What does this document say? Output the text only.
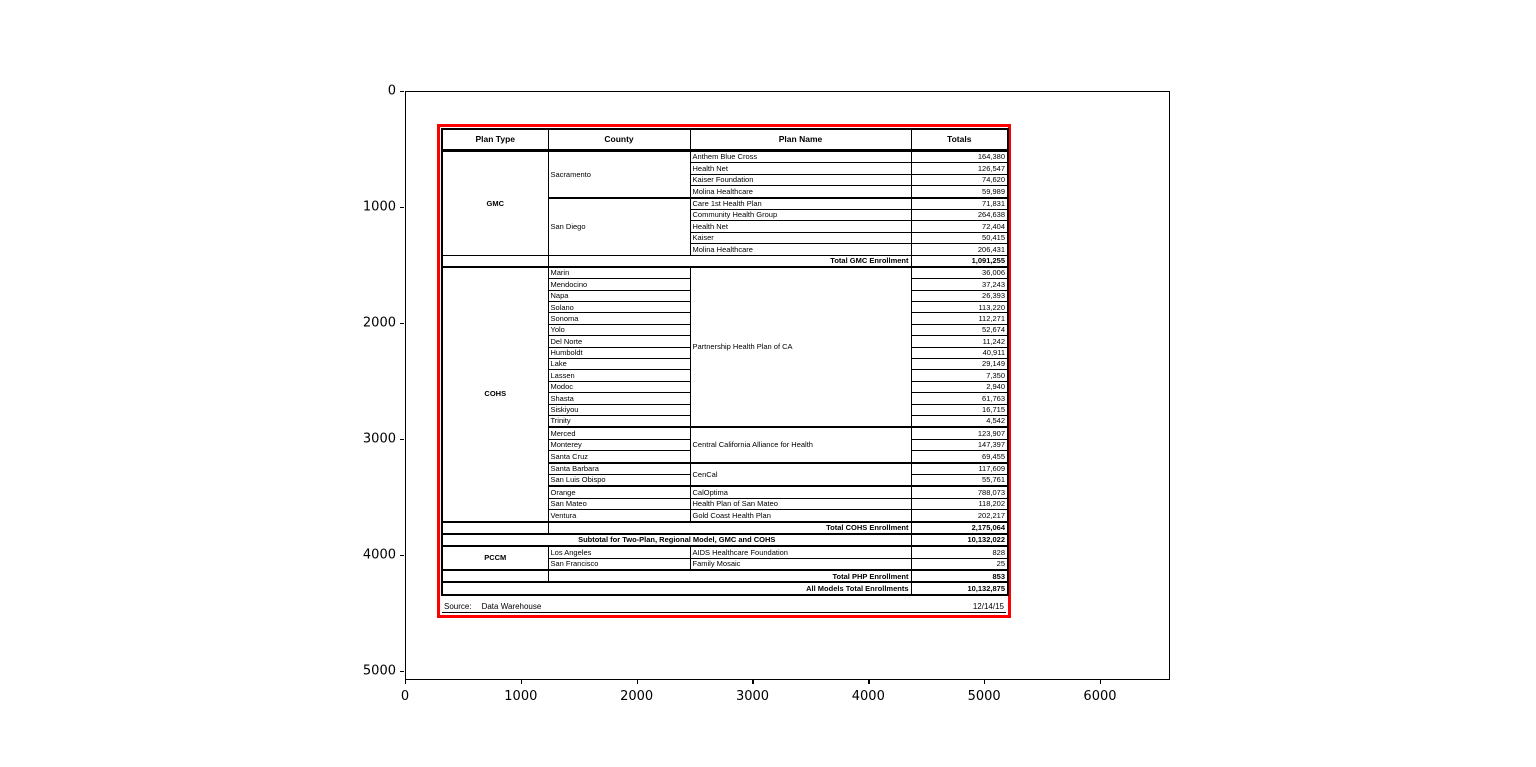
0	1000	2000	3000	4000	5000	6000
0
1000
2000
3000
4000
5000
Plan Type	County	Plan Name	Totals
GMC	Sacramento	Anthem Blue Cross	164,380
		Health Net	126,547
		Kaiser Foundation	74,620
		Molina Healthcare	59,989
	San Diego	Care 1st Health Plan	71,831
		Community Health Group	264,638
		Health Net	72,404
		Kaiser	50,415
		Molina Healthcare	206,431
	Total GMC Enrollment		1,091,255
COHS	Marin	Partnership Health Plan of CA	36,006
	Mendocino		37,243
	Napa		26,393
	Solano		113,220
	Sonoma		112,271
	Yolo		52,674
	Del Norte		11,242
	Humboldt		40,911
	Lake		29,149
	Lassen		7,350
	Modoc		2,940
	Shasta		61,763
	Siskiyou		16,715
	Trinity		4,542
	Merced	Central California Alliance for Health	123,907
	Monterey		147,397
	Santa Cruz		69,455
	Santa Barbara	CenCal	117,609
	San Luis Obispo		55,761
	Orange	CalOptima	788,073
	San Mateo	Health Plan of San Mateo	118,202
	Ventura	Gold Coast Health Plan	202,217
	Total COHS Enrollment		2,175,064
Subtotal for Two-Plan, Regional Model, GMC and COHS			10,132,022
PCCM	Los Angeles	AIDS Healthcare Foundation	828
	San Francisco	Family Mosaic	25
	Total PHP Enrollment		853
All Models Total Enrollments			10,132,875
Source: Data Warehouse	12/14/15
